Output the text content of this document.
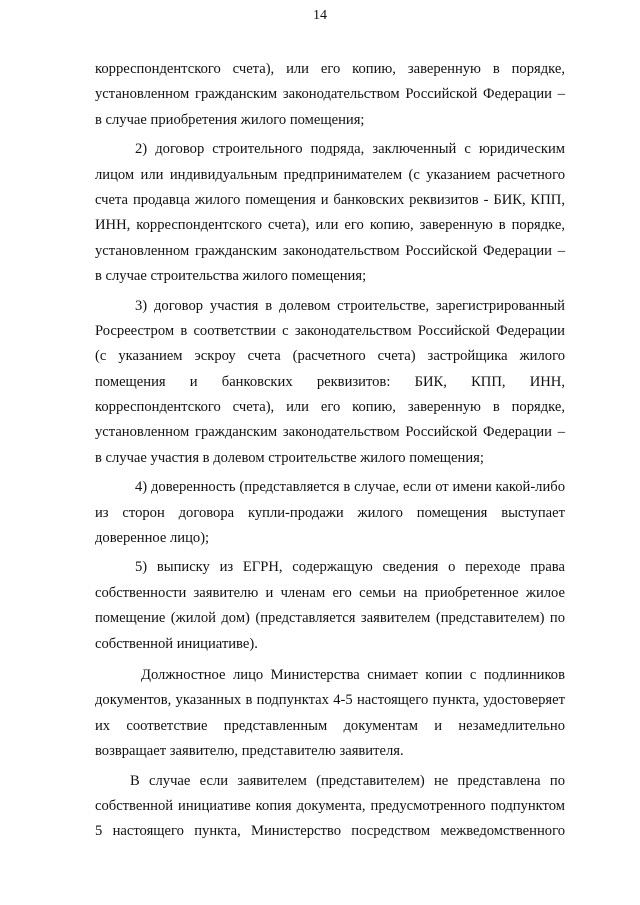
14
корреспондентского счета), или его копию, заверенную в порядке,
установленном гражданским законодательством Российской Федерации –
в случае приобретения жилого помещения;
2) договор строительного подряда, заключенный с юридическим
лицом или индивидуальным предпринимателем (с указанием расчетного
счета продавца жилого помещения и банковских реквизитов - БИК, КПП,
ИНН, корреспондентского счета), или его копию, заверенную в порядке,
установленном гражданским законодательством Российской Федерации –
в случае строительства жилого помещения;
3) договор участия в долевом строительстве, зарегистрированный
Росреестром в соответствии с законодательством Российской Федерации
(с указанием эскроу счета (расчетного счета) застройщика жилого
помещения и банковских реквизитов: БИК, КПП, ИНН,
корреспондентского счета), или его копию, заверенную в порядке,
установленном гражданским законодательством Российской Федерации –
в случае участия в долевом строительстве жилого помещения;
4) доверенность (представляется в случае, если от имени какой-либо
из сторон договора купли-продажи жилого помещения выступает
доверенное лицо);
5) выписку из ЕГРН, содержащую сведения о переходе права
собственности заявителю и членам его семьи на приобретенное жилое
помещение (жилой дом) (представляется заявителем (представителем) по
собственной инициативе).
Должностное лицо Министерства снимает копии с подлинников
документов, указанных в подпунктах 4-5 настоящего пункта, удостоверяет
их соответствие представленным документам и незамедлительно
возвращает заявителю, представителю заявителя.
В случае если заявителем (представителем) не представлена по
собственной инициативе копия документа, предусмотренного подпунктом
5 настоящего пункта, Министерство посредством межведомственного
